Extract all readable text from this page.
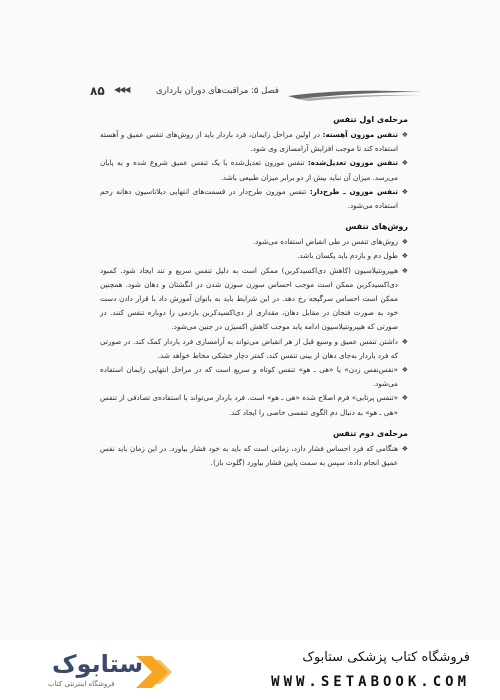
۸۵ ◀◀◀	فصل ۵: مراقبت‌های دوران بارداری
مرحله‌ی اول تنفس
❖
تنفس موزون آهسته: در اولین مراحل زایمان، فرد باردار باید از روش‌های تنفس عمیق و آهسته استفاده کند تا موجب افزایش آرامسازی وی شود.
❖
تنفس موزون تعدیل‌شده: تنفس موزون تعدیل‌شده با یک تنفس عمیق شروع شده و به پایان می‌رسد. میزان آن نباید بیش از دو برابر میزان طبیعی باشد.
❖
تنفس موزون ـ طرح‌دار: تنفس موزون طرح‌دار در قسمت‌های انتهایی دیلاتاسیون دهانه رحم استفاده می‌شود.
روش‌های تنفس
❖
روش‌های تنفس در طی انقباض استفاده می‌شود.
❖
طول دم و بازدم باید یکسان باشد.
❖
هیپرونتیلاسیون (کاهش دی‌اکسیدکربن) ممکن است به دلیل تنفس سریع و تند ایجاد شود. کمبود دی‌اکسیدکربن ممکن است موجب احساس سوزن سوزن شدن در انگشتان و دهان شود. همچنین ممکن است احساس سرگیجه رخ دهد. در این شرایط باید به بانوان آموزش داد با قرار دادن دست خود به صورت فنجان در مقابل دهان، مقداری از دی‌اکسیدکربن بازدمی را دوباره تنفس کنند. در صورتی که هیپرونتیلاسیون ادامه یابد موجب کاهش اکسیژن در جنین می‌شود.
❖
داشتن تنفس عمیق و وسیع قبل از هر انقباض می‌تواند به آرامسازی فرد باردار کمک کند. در صورتی که فرد باردار به‌جای دهان از بینی تنفس کند، کمتر دچار خشکی مخاط خواهد شد.
❖
«نفس‌نفس زدن» یا «هی ـ هو» تنفس کوتاه و سریع است که در مراحل انتهایی زایمان استفاده می‌شود.
❖
«تنفس پرتابی» فرم اصلاح شده «هی ـ هو» است. فرد باردار می‌تواند با استفاده‌ی تصادفی از تنفس «هی ـ هو» به دنبال دم الگوی تنفسی خاصی را ایجاد کند.
مرحله‌ی دوم تنفس
❖
هنگامی که فرد احساس فشار دارد، زمانی است که باید به خود فشار بیاورد. در این زمان باید نفس عمیق انجام داده، سپس به سمت پایین فشار بیاورد (گلوت باز).
ستابوک
فروشگاه اینترنتی کتاب
فروشگاه کتاب پزشکی ستابوک
WWW.SETABOOK.COM
